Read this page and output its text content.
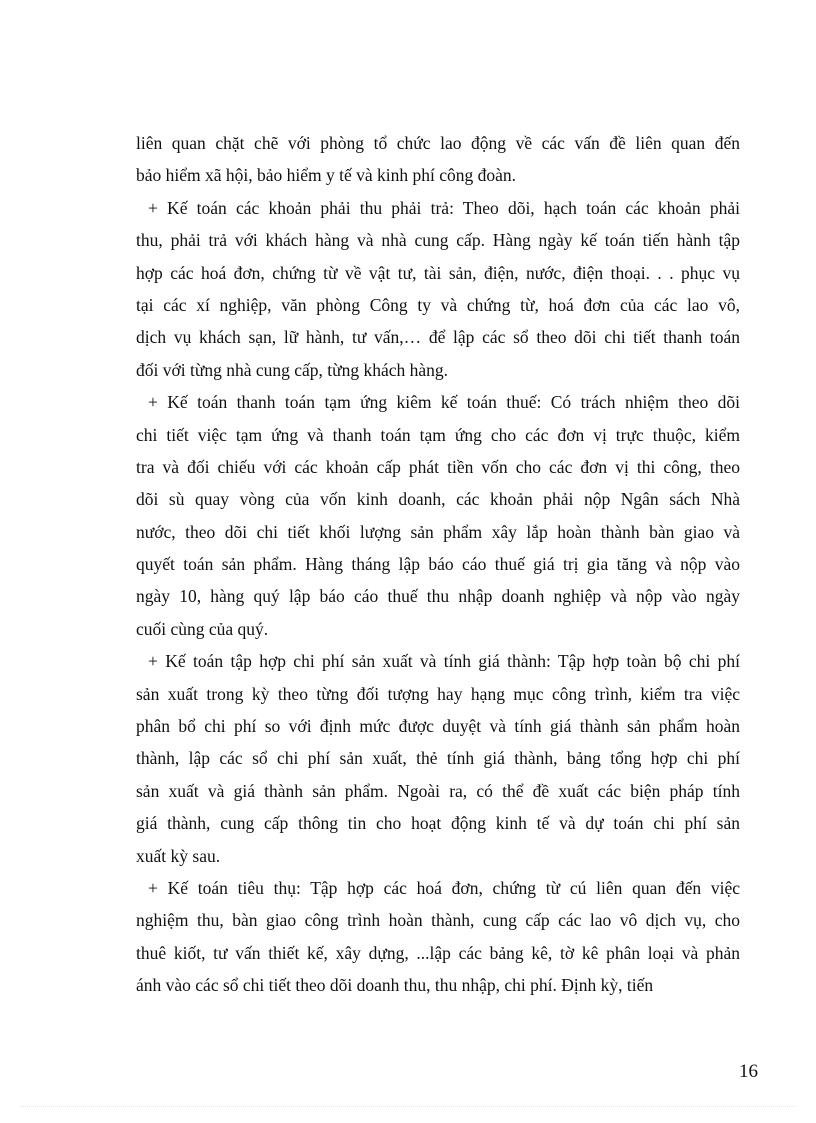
liên quan chặt chẽ với phòng tổ chức lao động về các vấn đề liên quan đến
bảo hiểm xã hội, bảo hiểm y tế và kinh phí công đoàn.
+ Kế toán các khoản phải thu phải trả: Theo dõi, hạch toán các khoản phải
thu, phải trả với khách hàng và nhà cung cấp. Hàng ngày kế toán tiến hành tập
hợp các hoá đơn, chứng từ về vật tư, tài sản, điện, nước, điện thoại. . . phục vụ
tại các xí nghiệp, văn phòng Công ty và chứng từ, hoá đơn của các lao vô,
dịch vụ khách sạn, lữ hành, tư vấn,… để lập các sổ theo dõi chi tiết thanh toán
đối với từng nhà cung cấp, từng khách hàng.
+ Kế toán thanh toán tạm ứng kiêm kế toán thuế: Có trách nhiệm theo dõi
chi tiết việc tạm ứng và thanh toán tạm ứng cho các đơn vị trực thuộc, kiểm
tra và đối chiếu với các khoản cấp phát tiền vốn cho các đơn vị thi công, theo
dõi sù quay vòng của vốn kinh doanh, các khoản phải nộp Ngân sách Nhà
nước, theo dõi chi tiết khối lượng sản phẩm xây lắp hoàn thành bàn giao và
quyết toán sản phẩm. Hàng tháng lập báo cáo thuế giá trị gia tăng và nộp vào
ngày 10, hàng quý lập báo cáo thuế thu nhập doanh nghiệp và nộp vào ngày
cuối cùng của quý.
+ Kế toán tập hợp chi phí sản xuất và tính giá thành: Tập hợp toàn bộ chi phí
sản xuất trong kỳ theo từng đối tượng hay hạng mục công trình, kiểm tra việc
phân bổ chi phí so với định mức được duyệt và tính giá thành sản phẩm hoàn
thành, lập các sổ chi phí sản xuất, thẻ tính giá thành, bảng tổng hợp chi phí
sản xuất và giá thành sản phẩm. Ngoài ra, có thể đề xuất các biện pháp tính
giá thành, cung cấp thông tin cho hoạt động kinh tế và dự toán chi phí sản
xuất kỳ sau.
+ Kế toán tiêu thụ: Tập hợp các hoá đơn, chứng từ cú liên quan đến việc
nghiệm thu, bàn giao công trình hoàn thành, cung cấp các lao vô dịch vụ, cho
thuê kiốt, tư vấn thiết kế, xây dựng, ...lập các bảng kê, tờ kê phân loại và phản
ánh vào các sổ chi tiết theo dõi doanh thu, thu nhập, chi phí. Định kỳ, tiến
16
